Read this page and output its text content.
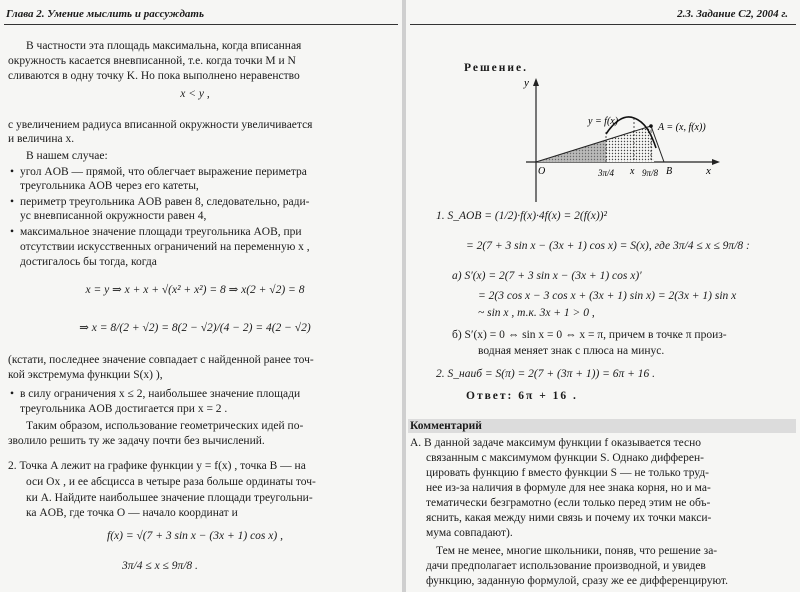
Глава 2. Умение мыслить и рассуждать
В частности эта площадь максимальна, когда вписанная
окружность касается вневписанной, т.е. когда точки M и N
сливаются в одну точку K. Но пока выполнено неравенство
x < y ,
с увеличением радиуса вписанной окружности увеличивается
и величина x.
В нашем случае:
• угол AOB — прямой, что облегчает выражение периметра
треугольника AOB через его катеты,
• периметр треугольника AOB равен 8, следовательно, ради-
ус вневписанной окружности равен 4,
• максимальное значение площади треугольника AOB, при
отсутствии искусственных ограничений на переменную x ,
достигалось бы тогда, когда
x = y ⇒ x + x + √(x² + x²) = 8 ⇒ x(2 + √2) = 8
⇒ x = 8/(2 + √2) = 8(2 − √2)/(4 − 2) = 4(2 − √2)
(кстати, последнее значение совпадает с найденной ранее точ-
кой экстремума функции S(x) ),
• в силу ограничения x ≤ 2, наибольшее значение площади
треугольника AOB достигается при x = 2 .
Таким образом, использование геометрических идей по-
зволило решить ту же задачу почти без вычислений.
2. Точка A лежит на графике функции y = f(x) , точка B — на
оси Ox , и ее абсцисса в четыре раза больше ординаты точ-
ки A. Найдите наибольшее значение площади треугольни-
ка AOB, где точка O — начало координат и
f(x) = √(7 + 3 sin x − (3x + 1) cos x) ,
3π/4 ≤ x ≤ 9π/8 .
2.3. Задание С2, 2004 г.
Решение.
y
y = f(x)
A = (x, f(x))
O	3π/4 x 9π/8 B	x
1. S_AOB = (1/2)·f(x)·4f(x) = 2(f(x))²
= 2(7 + 3 sin x − (3x + 1) cos x) = S(x), где 3π/4 ≤ x ≤ 9π/8 :
а) S′(x) = 2(7 + 3 sin x − (3x + 1) cos x)′
= 2(3 cos x − 3 cos x + (3x + 1) sin x) = 2(3x + 1) sin x
~ sin x , т.к. 3x + 1 > 0 ,
б) S′(x) = 0 ⇔ sin x = 0 ⇔ x = π, причем в точке π произ-
водная меняет знак с плюса на минус.
2. S_наиб = S(π) = 2(7 + (3π + 1)) = 6π + 16 .
Ответ: 6π + 16 .
Комментарий
А. В данной задаче максимум функции f оказывается тесно
связанным с максимумом функции S. Однако дифферен-
цировать функцию f вместо функции S — не только труд-
нее из-за наличия в формуле для нее знака корня, но и ма-
тематически безграмотно (если только перед этим не объ-
яснить, какая между ними связь и почему их точки макси-
мума совпадают).
Тем не менее, многие школьники, поняв, что решение за-
дачи предполагает использование производной, и увидев
функцию, заданную формулой, сразу же ее дифференцируют.
